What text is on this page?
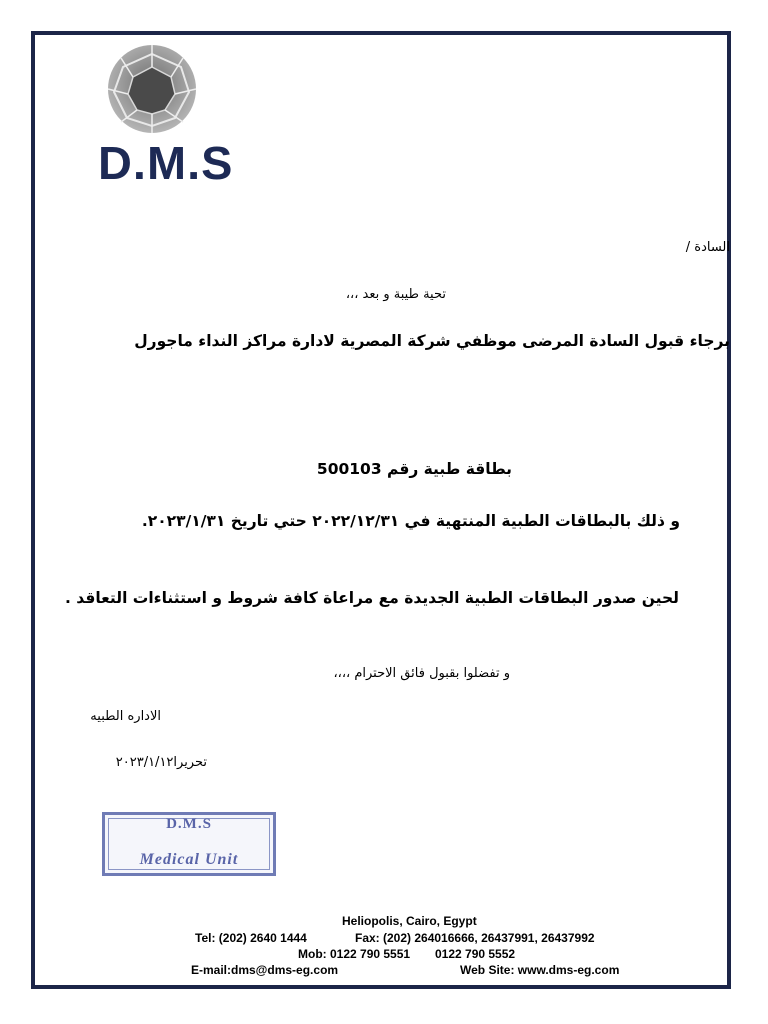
D.M.S
السادة /
تحية طيبة و بعد ،،،
برجاء قبول السادة المرضى موظفي شركة المصرية لادارة مراكز النداء ماجورل
بطاقة طبية رقم 500103
و ذلك بالبطاقات الطبية المنتهية في ٢٠٢٢/١٢/٣١ حتي تاريخ ٢٠٢٣/١/٣١.
لحين صدور البطاقات الطبية الجديدة مع مراعاة كافة شروط و استثناءات التعاقد .
و تفضلوا بقبول فائق الاحترام ،،،،
الاداره الطبيه
تحريرا٢٠٢٣/١/١٢
D.M.S
Medical Unit
Heliopolis, Cairo, Egypt
Tel: (202) 2640 1444	Fax: (202) 264016666, 26437991, 26437992
Mob: 0122 790 5551 0122 790 5552
E-mail:dms@dms-eg.com	Web Site: www.dms-eg.com
